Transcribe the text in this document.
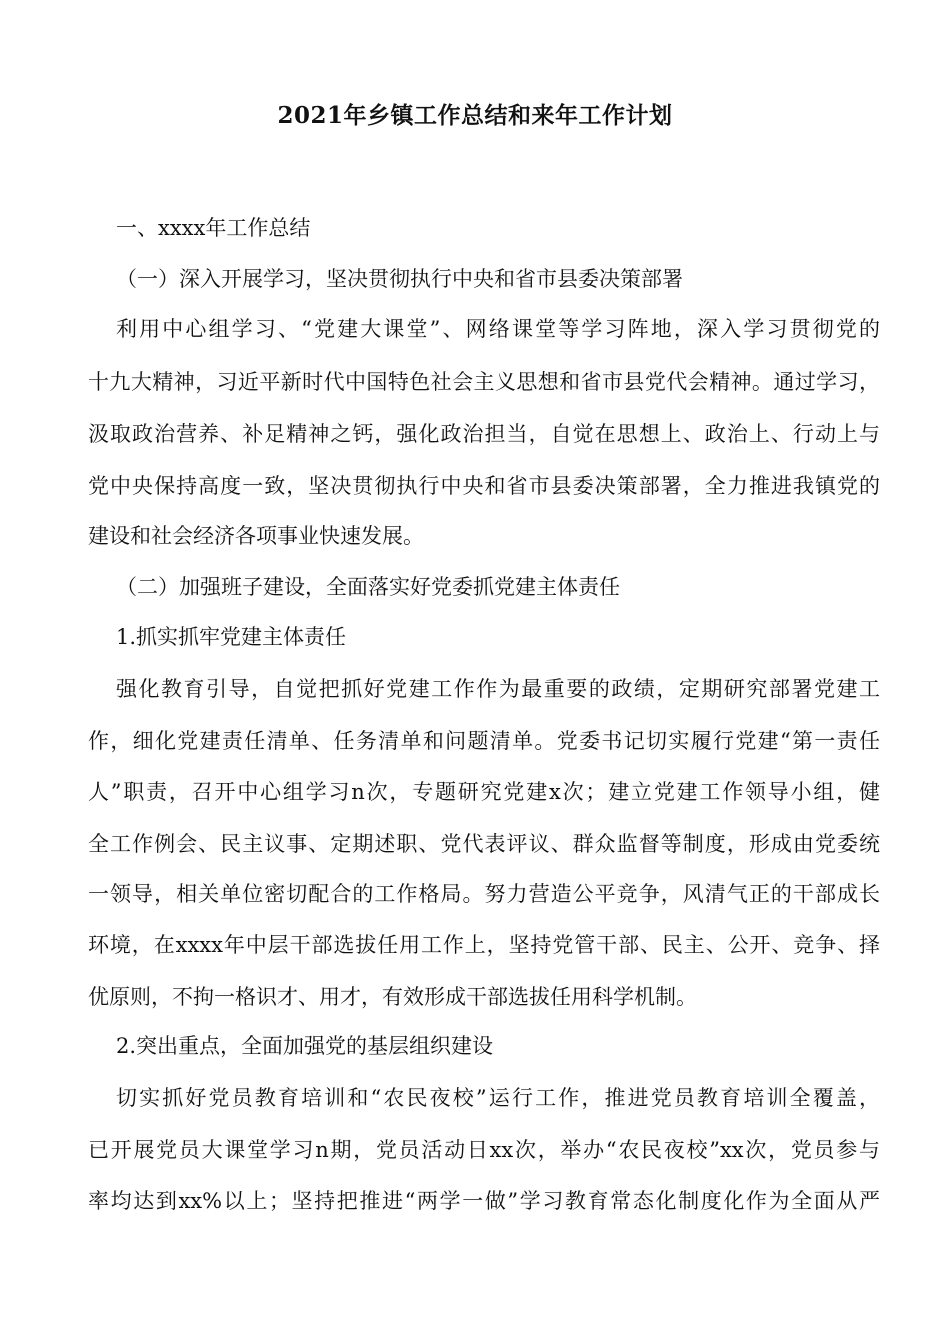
2021年乡镇工作总结和来年工作计划
一、xxxx年工作总结
（一）深入开展学习，坚决贯彻执行中央和省市县委决策部署
利用中心组学习、“党建大课堂”、网络课堂等学习阵地，深入学习贯彻党的
十九大精神，习近平新时代中国特色社会主义思想和省市县党代会精神。通过学习，
汲取政治营养、补足精神之钙，强化政治担当，自觉在思想上、政治上、行动上与
党中央保持高度一致，坚决贯彻执行中央和省市县委决策部署，全力推进我镇党的
建设和社会经济各项事业快速发展。
（二）加强班子建设，全面落实好党委抓党建主体责任
1.抓实抓牢党建主体责任
强化教育引导，自觉把抓好党建工作作为最重要的政绩，定期研究部署党建工
作，细化党建责任清单、任务清单和问题清单。党委书记切实履行党建“第一责任
人”职责，召开中心组学习n次，专题研究党建x次；建立党建工作领导小组，健
全工作例会、民主议事、定期述职、党代表评议、群众监督等制度，形成由党委统
一领导，相关单位密切配合的工作格局。努力营造公平竞争，风清气正的干部成长
环境，在xxxx年中层干部选拔任用工作上，坚持党管干部、民主、公开、竞争、择
优原则，不拘一格识才、用才，有效形成干部选拔任用科学机制。
2.突出重点，全面加强党的基层组织建设
切实抓好党员教育培训和“农民夜校”运行工作，推进党员教育培训全覆盖，
已开展党员大课堂学习n期，党员活动日xx次，举办“农民夜校”xx次，党员参与
率均达到xx%以上；坚持把推进“两学一做”学习教育常态化制度化作为全面从严
